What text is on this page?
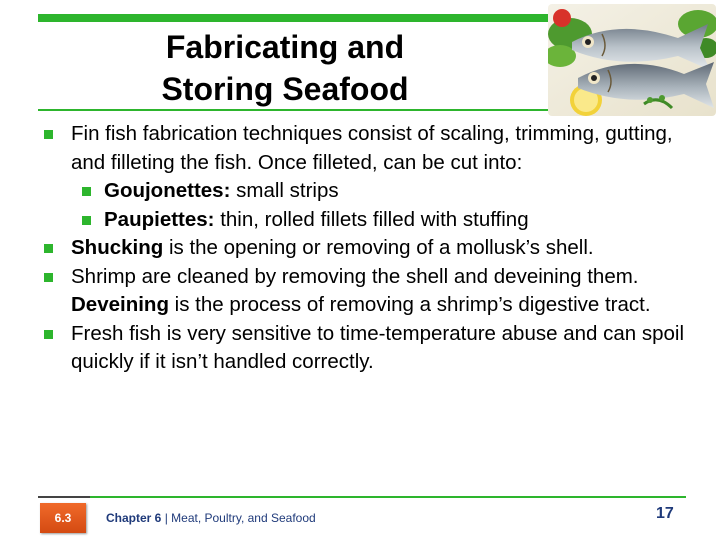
Fabricating and
Storing Seafood
Fin fish fabrication techniques consist of scaling, trimming, gutting, and filleting the fish. Once filleted, can be cut into:
Goujonettes: small strips
Paupiettes: thin, rolled fillets filled with stuffing
Shucking is the opening or removing of a mollusk’s shell.
Shrimp are cleaned by removing the shell and deveining them. Deveining is the process of removing a shrimp’s digestive tract.
Fresh fish is very sensitive to time-temperature abuse and can spoil quickly if it isn’t handled correctly.
6.3	Chapter 6 | Meat, Poultry, and Seafood	17
